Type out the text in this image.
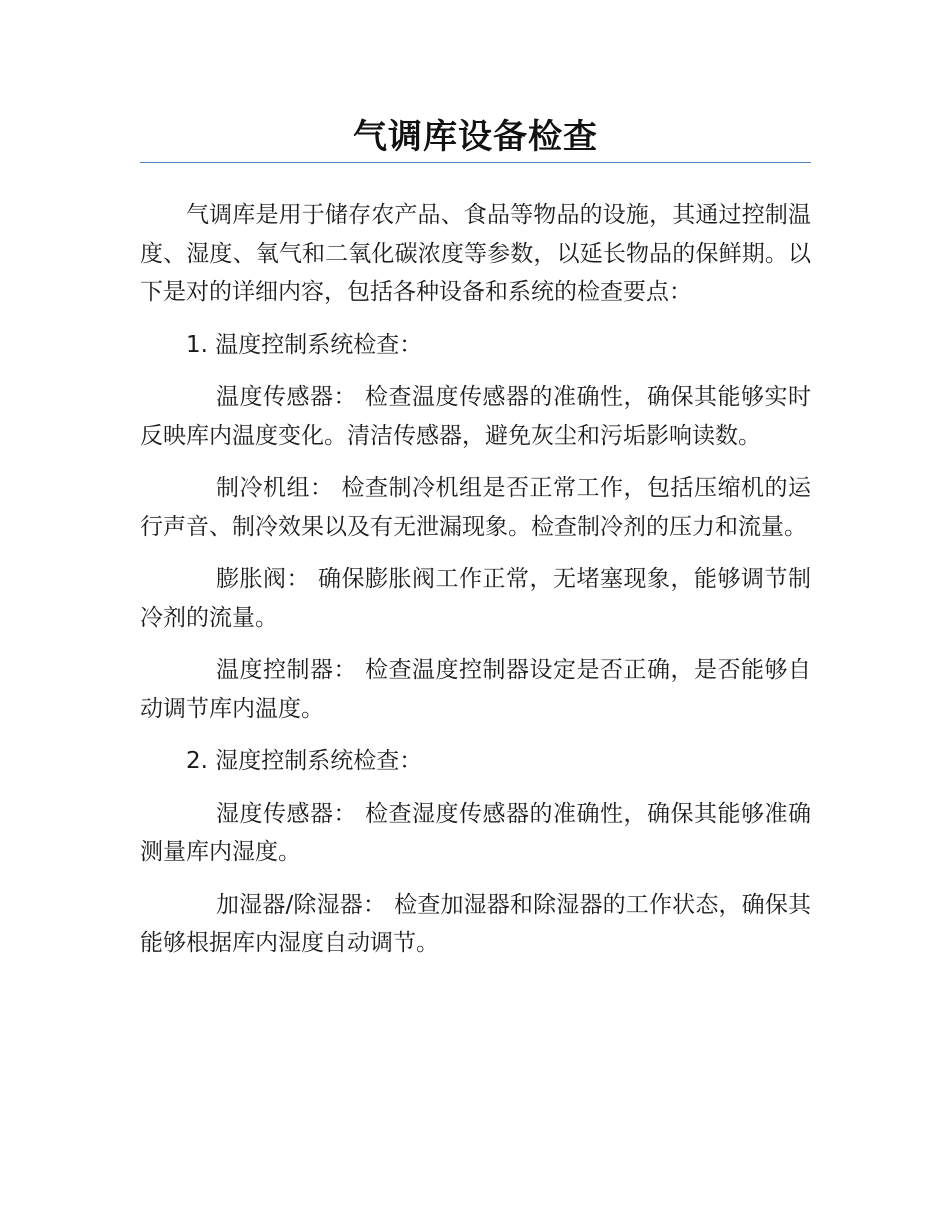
气调库设备检查

气调库是用于储存农产品、食品等物品的设施，其通过控制温度、湿度、氧气和二氧化碳浓度等参数，以延长物品的保鲜期。以下是对的详细内容，包括各种设备和系统的检查要点：

1. 温度控制系统检查：

温度传感器： 检查温度传感器的准确性，确保其能够实时反映库内温度变化。清洁传感器，避免灰尘和污垢影响读数。

制冷机组： 检查制冷机组是否正常工作，包括压缩机的运行声音、制冷效果以及有无泄漏现象。检查制冷剂的压力和流量。

膨胀阀： 确保膨胀阀工作正常，无堵塞现象，能够调节制冷剂的流量。

温度控制器： 检查温度控制器设定是否正确，是否能够自动调节库内温度。

2. 湿度控制系统检查：

湿度传感器： 检查湿度传感器的准确性，确保其能够准确测量库内湿度。

加湿器/除湿器： 检查加湿器和除湿器的工作状态，确保其能够根据库内湿度自动调节。
